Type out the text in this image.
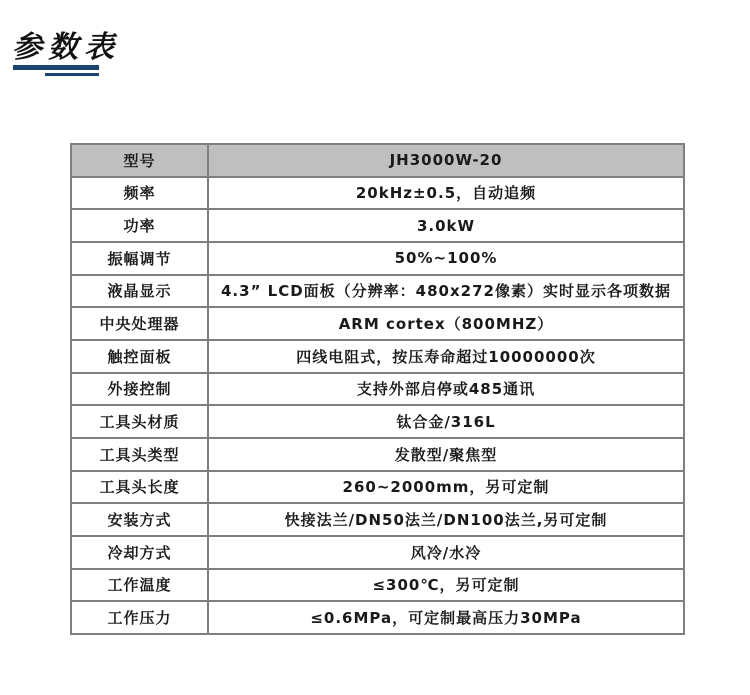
参数表
型号	JH3000W-20
频率	20kHz±0.5，自动追频
功率	3.0kW
振幅调节	50%~100%
液晶显示	4.3” LCD面板（分辨率：480x272像素）实时显示各项数据
中央处理器	ARM cortex（800MHZ）
触控面板	四线电阻式，按压寿命超过10000000次
外接控制	支持外部启停或485通讯
工具头材质	钛合金/316L
工具头类型	发散型/聚焦型
工具头长度	260~2000mm，另可定制
安装方式	快接法兰/DN50法兰/DN100法兰,另可定制
冷却方式	风冷/水冷
工作温度	≤300℃，另可定制
工作压力	≤0.6MPa，可定制最高压力30MPa
